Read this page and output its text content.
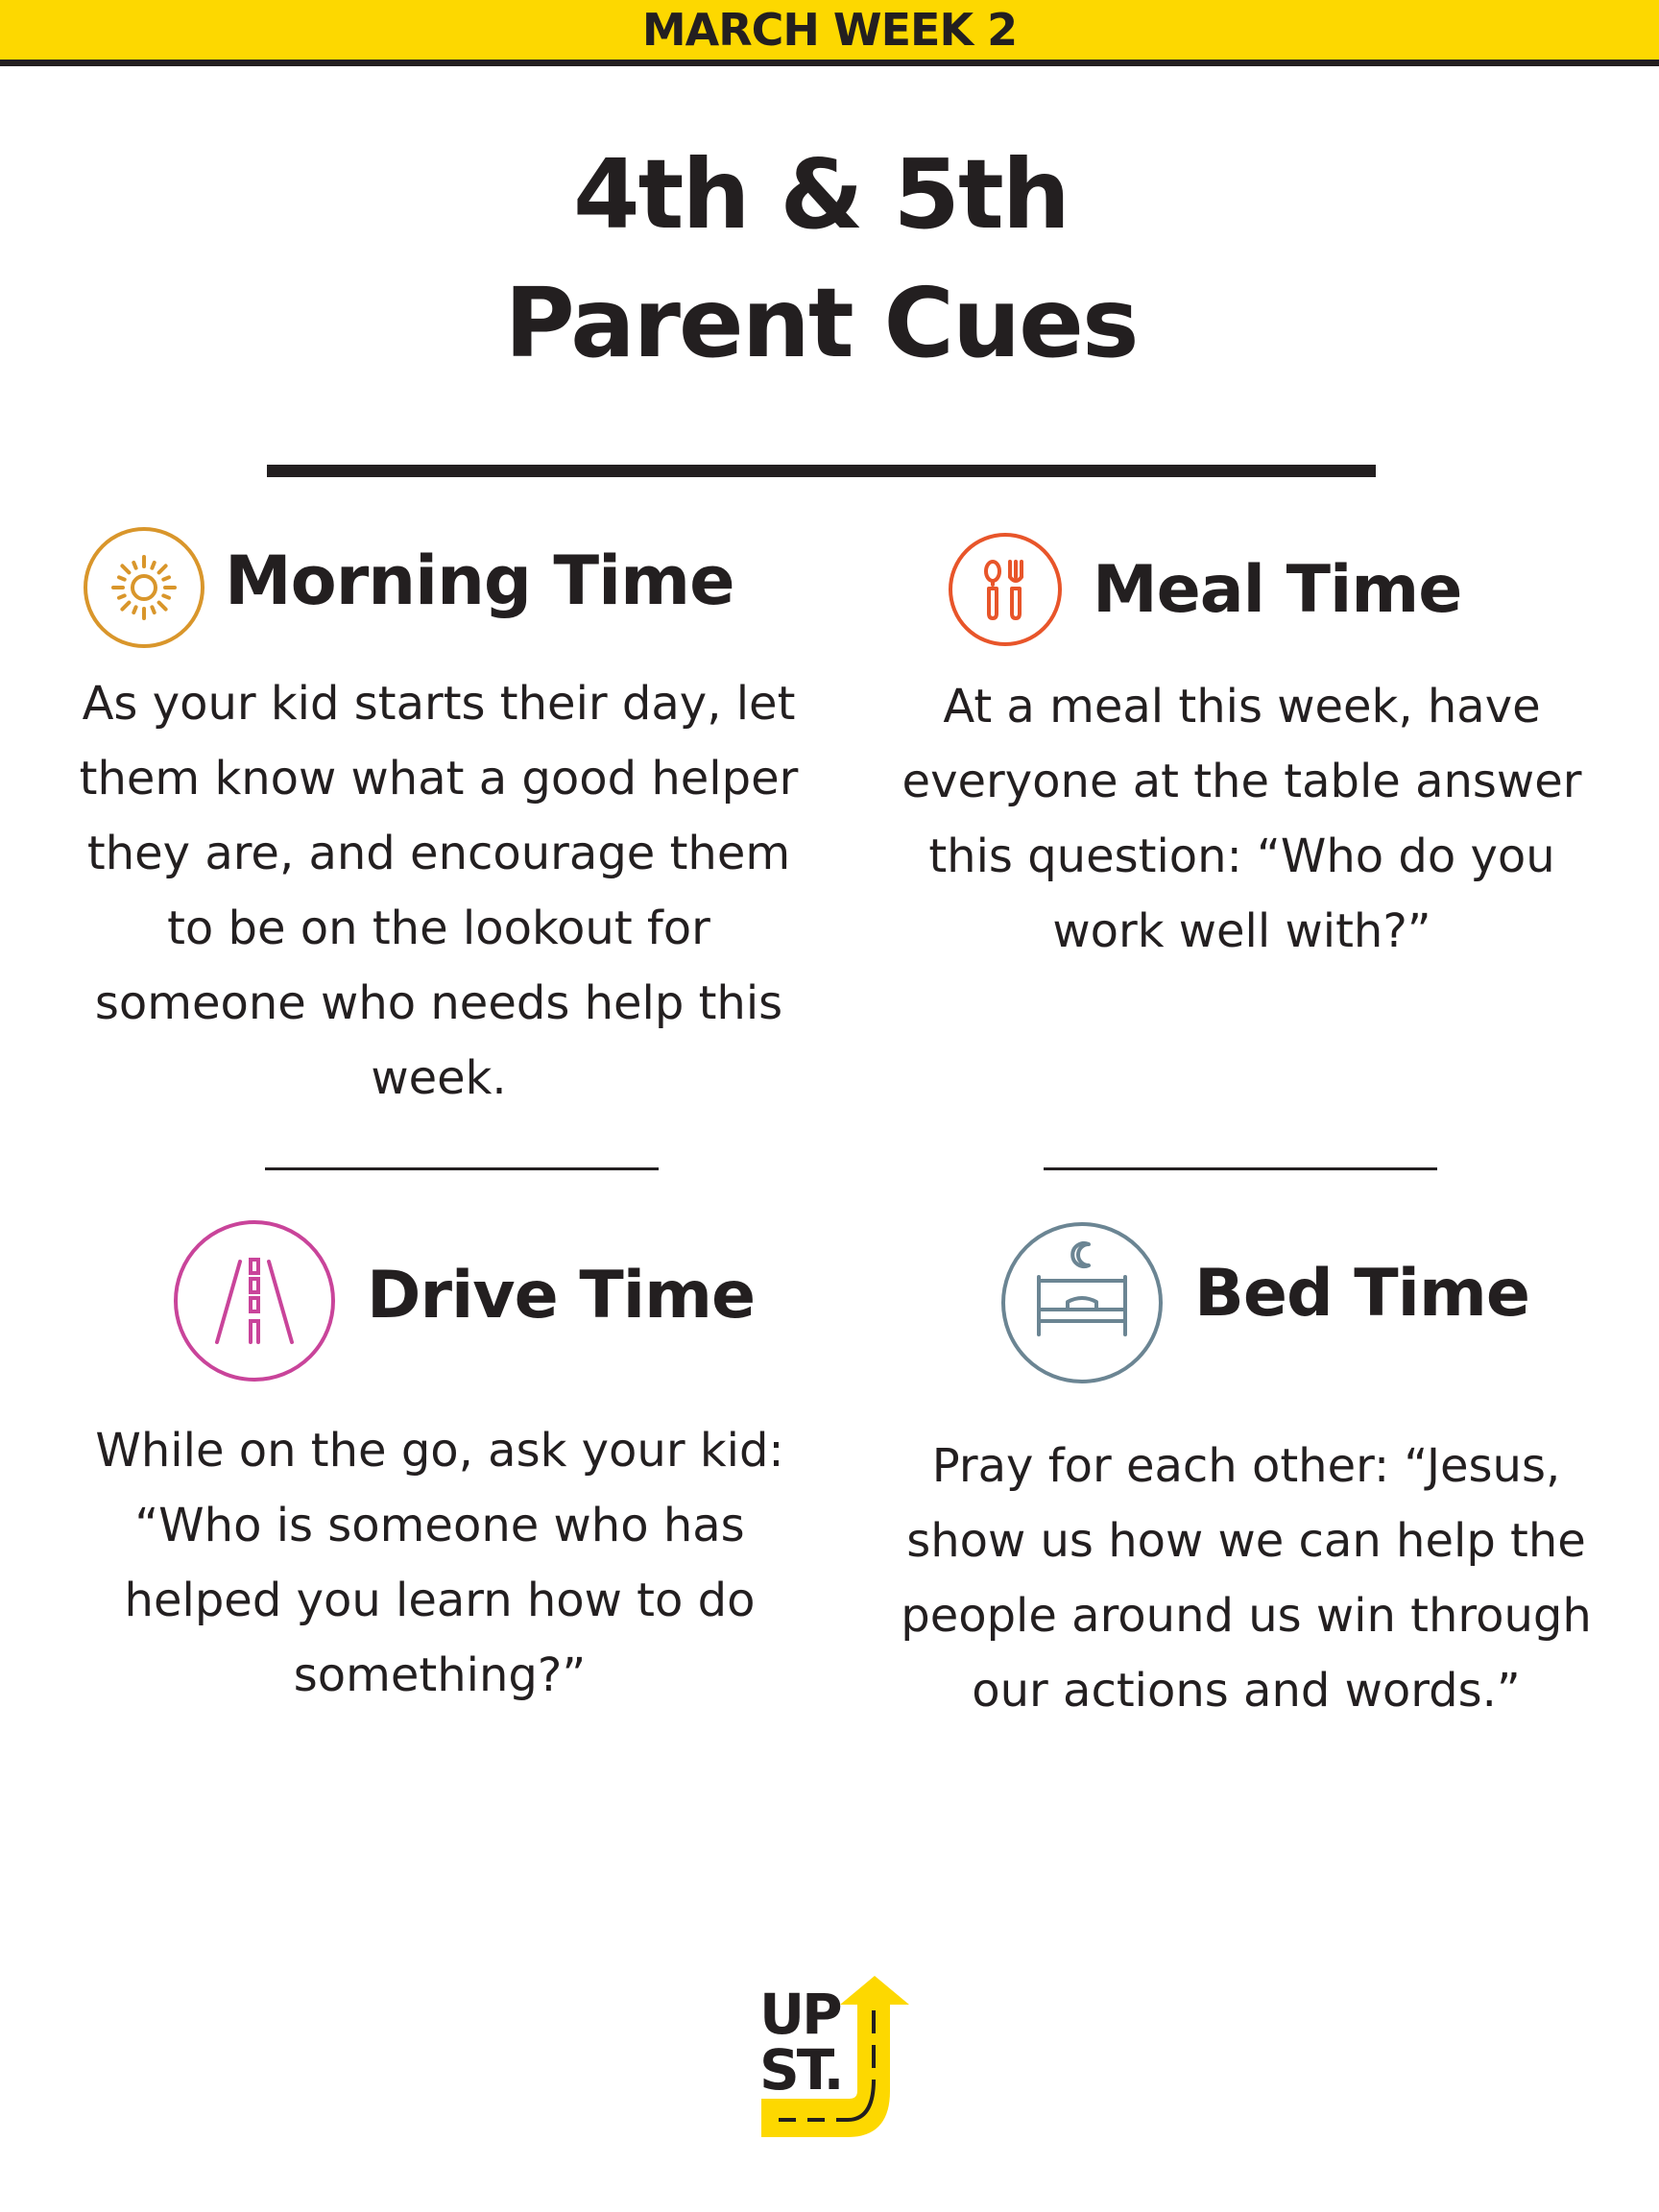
MARCH WEEK 2
4th & 5th
Parent Cues
Morning Time
As your kid starts their day, let them know what a good helper they are, and encourage them to be on the lookout for someone who needs help this week.
Meal Time
At a meal this week, have everyone at the table answer this question: “Who do you work well with?”
Drive Time
While on the go, ask your kid: “Who is someone who has helped you learn how to do something?”
Bed Time
Pray for each other: “Jesus, show us how we can help the people around us win through our actions and words.”
UP
ST.
